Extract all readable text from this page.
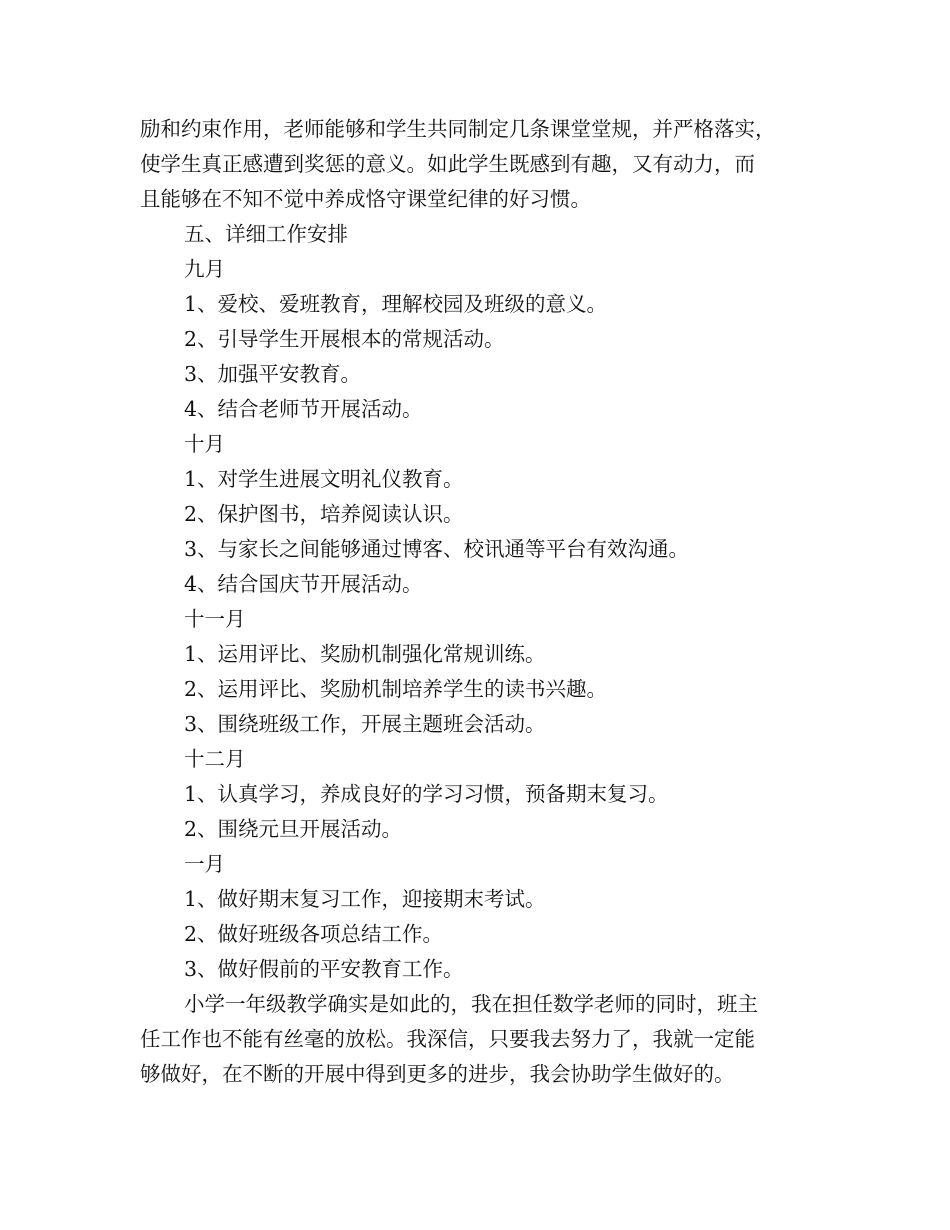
励和约束作用，老师能够和学生共同制定几条课堂堂规，并严格落实，
使学生真正感遭到奖惩的意义。如此学生既感到有趣，又有动力，而
且能够在不知不觉中养成恪守课堂纪律的好习惯。
五、详细工作安排
九月
1、爱校、爱班教育，理解校园及班级的意义。
2、引导学生开展根本的常规活动。
3、加强平安教育。
4、结合老师节开展活动。
十月
1、对学生进展文明礼仪教育。
2、保护图书，培养阅读认识。
3、与家长之间能够通过博客、校讯通等平台有效沟通。
4、结合国庆节开展活动。
十一月
1、运用评比、奖励机制强化常规训练。
2、运用评比、奖励机制培养学生的读书兴趣。
3、围绕班级工作，开展主题班会活动。
十二月
1、认真学习，养成良好的学习习惯，预备期末复习。
2、围绕元旦开展活动。
一月
1、做好期末复习工作，迎接期末考试。
2、做好班级各项总结工作。
3、做好假前的平安教育工作。
小学一年级教学确实是如此的，我在担任数学老师的同时，班主
任工作也不能有丝毫的放松。我深信，只要我去努力了，我就一定能
够做好，在不断的开展中得到更多的进步，我会协助学生做好的。
